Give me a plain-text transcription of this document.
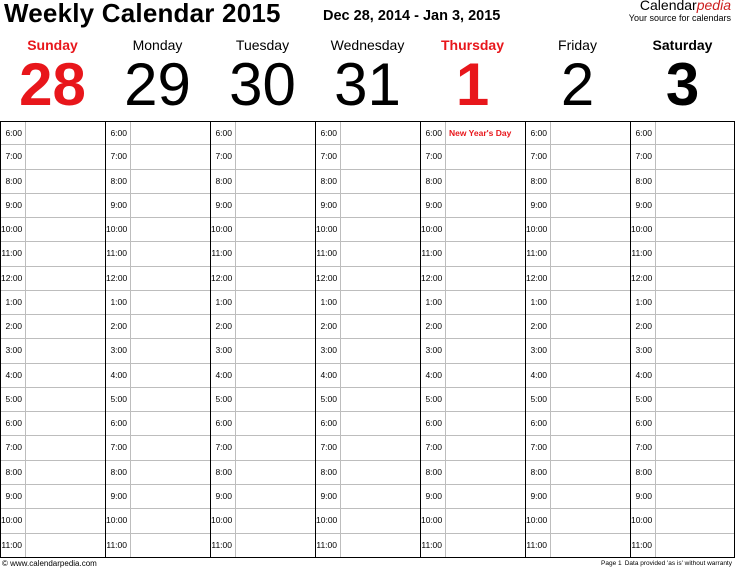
Weekly Calendar 2015	Dec 28, 2014 - Jan 3, 2015
Calendarpedia
Your source for calendars
Sunday
28
Monday
29
Tuesday
30
Wednesday
31
Thursday
1
Friday
2
Saturday
3
6:00
7:00
8:00
9:00
10:00
11:00
12:00
1:00
2:00
3:00
4:00
5:00
6:00
7:00
8:00
9:00
10:00
11:00
6:00
7:00
8:00
9:00
10:00
11:00
12:00
1:00
2:00
3:00
4:00
5:00
6:00
7:00
8:00
9:00
10:00
11:00
6:00
7:00
8:00
9:00
10:00
11:00
12:00
1:00
2:00
3:00
4:00
5:00
6:00
7:00
8:00
9:00
10:00
11:00
6:00
7:00
8:00
9:00
10:00
11:00
12:00
1:00
2:00
3:00
4:00
5:00
6:00
7:00
8:00
9:00
10:00
11:00
6:00 New Year's Day
7:00
8:00
9:00
10:00
11:00
12:00
1:00
2:00
3:00
4:00
5:00
6:00
7:00
8:00
9:00
10:00
11:00
6:00
7:00
8:00
9:00
10:00
11:00
12:00
1:00
2:00
3:00
4:00
5:00
6:00
7:00
8:00
9:00
10:00
11:00
6:00
7:00
8:00
9:00
10:00
11:00
12:00
1:00
2:00
3:00
4:00
5:00
6:00
7:00
8:00
9:00
10:00
11:00
© www.calendarpedia.com	Page 1 Data provided 'as is' without warranty
